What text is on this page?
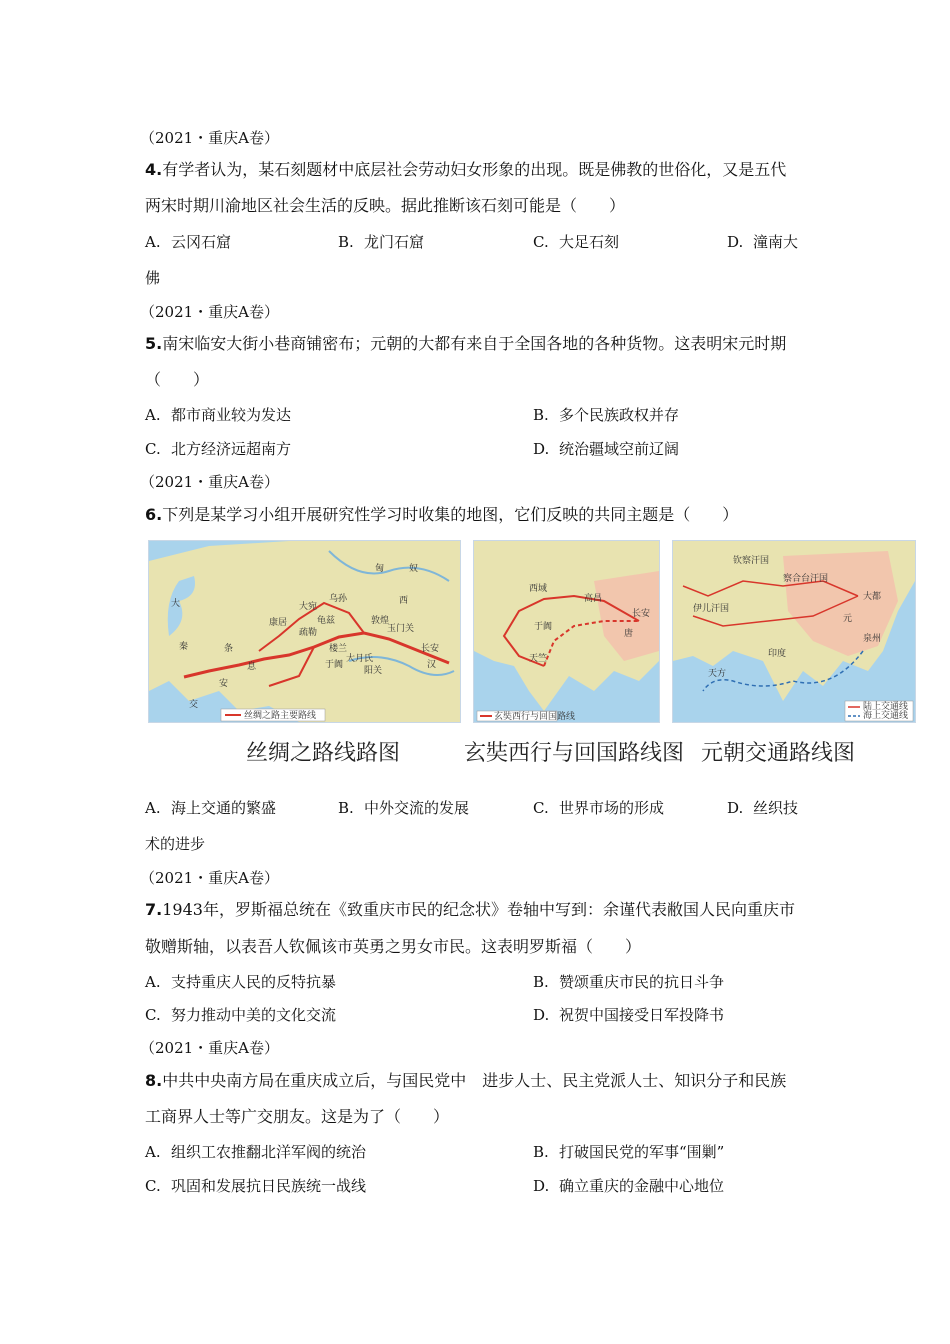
（2021・重庆A卷）
4.有学者认为，某石刻题材中底层社会劳动妇女形象的出现。既是佛教的世俗化，又是五代
两宋时期川渝地区社会生活的反映。据此推断该石刻可能是（　　）
A. 云冈石窟	B. 龙门石窟	C. 大足石刻	D. 潼南大
佛
（2021・重庆A卷）
5.南宋临安大街小巷商铺密布；元朝的大都有来自于全国各地的各种货物。这表明宋元时期
（　　）
A. 都市商业较为发达	B. 多个民族政权并存
C. 北方经济远超南方	D. 统治疆域空前辽阔
（2021・重庆A卷）
6.下列是某学习小组开展研究性学习时收集的地图，它们反映的共同主题是（　　）
匈	奴
西
汉
长安
大
秦
安
息
条
交
大月氏
敦煌
玉门关
阳关
楼兰
于阗
疏勒
龟兹
大宛
康居
乌孙
丝绸之路主要路线
唐
长安
天竺
西域
高昌
于阗
玄奘西行与回国路线
大都
元
天方
钦察汗国
伊儿汗国
察合台汗国
泉州
印度
陆上交通线
海上交通线
丝绸之路线路图	玄奘西行与回国路线图 元朝交通路线图
A. 海上交通的繁盛	B. 中外交流的发展	C. 世界市场的形成	D. 丝织技
术的进步
（2021・重庆A卷）
7.1943年，罗斯福总统在《致重庆市民的纪念状》卷轴中写到：余谨代表敝国人民向重庆市
敬赠斯轴，以表吾人钦佩该市英勇之男女市民。这表明罗斯福（　　）
A. 支持重庆人民的反特抗暴	B. 赞颂重庆市民的抗日斗争
C. 努力推动中美的文化交流	D. 祝贺中国接受日军投降书
（2021・重庆A卷）
8.中共中央南方局在重庆成立后，与国民党中　进步人士、民主党派人士、知识分子和民族
工商界人士等广交朋友。这是为了（　　）
A. 组织工农推翻北洋军阀的统治	B. 打破国民党的军事“围剿”
C. 巩固和发展抗日民族统一战线	D. 确立重庆的金融中心地位
